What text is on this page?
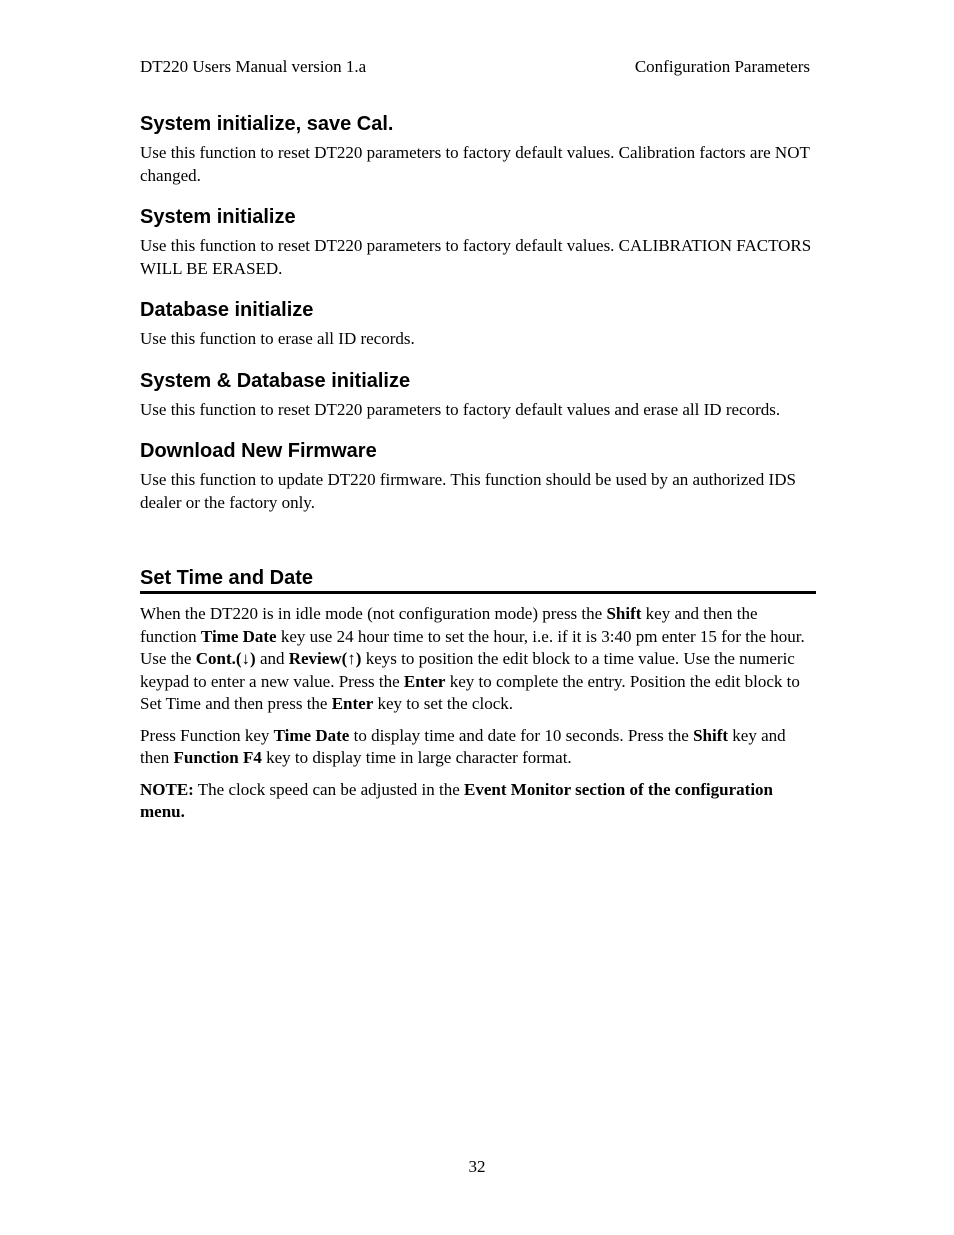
DT220 Users Manual version 1.a	Configuration Parameters
System initialize, save Cal.

Use this function to reset DT220 parameters to factory default values. Calibration factors are NOT changed.

System initialize

Use this function to reset DT220 parameters to factory default values. CALIBRATION FACTORS WILL BE ERASED.

Database initialize

Use this function to erase all ID records.

System & Database initialize

Use this function to reset DT220 parameters to factory default values and erase all ID records.

Download New Firmware

Use this function to update DT220 firmware. This function should be used by an authorized IDS dealer or the factory only.

Set Time and Date

When the DT220 is in idle mode (not configuration mode) press the Shift key and then the function Time Date key use 24 hour time to set the hour, i.e. if it is 3:40 pm enter 15 for the hour. Use the Cont.(↓) and Review(↑) keys to position the edit block to a time value. Use the numeric keypad to enter a new value. Press the Enter key to complete the entry. Position the edit block to Set Time and then press the Enter key to set the clock.

Press Function key Time Date to display time and date for 10 seconds. Press the Shift key and then Function F4 key to display time in large character format.

NOTE: The clock speed can be adjusted in the Event Monitor section of the configuration menu.

32
